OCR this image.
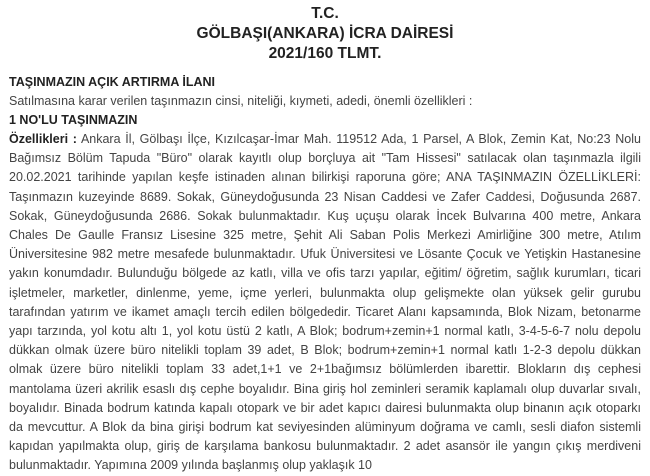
T.C.
GÖLBAŞI(ANKARA) İCRA DAİRESİ
2021/160 TLMT.
TAŞINMAZIN AÇIK ARTIRMA İLANI
Satılmasına karar verilen taşınmazın cinsi, niteliği, kıymeti, adedi, önemli özellikleri :
1 NO'LU TAŞINMAZIN
Özellikleri : Ankara İl, Gölbaşı İlçe, Kızılcaşar-İmar Mah. 119512 Ada, 1 Parsel, A Blok, Zemin Kat, No:23 Nolu Bağımsız Bölüm Tapuda "Büro" olarak kayıtlı olup borçluya ait "Tam Hissesi" satılacak olan taşınmazla ilgili 20.02.2021 tarihinde yapılan keşfe istinaden alınan bilirkişi raporuna göre; ANA TAŞINMAZIN ÖZELLİKLERİ: Taşınmazın kuzeyinde 8689. Sokak, Güneydoğusunda 23 Nisan Caddesi ve Zafer Caddesi, Doğusunda 2687. Sokak, Güneydoğusunda 2686. Sokak bulunmaktadır. Kuş uçuşu olarak İncek Bulvarına 400 metre, Ankara Chales De Gaulle Fransız Lisesine 325 metre, Şehit Ali Saban Polis Merkezi Amirliğine 300 metre, Atılım Üniversitesine 982 metre mesafede bulunmaktadır. Ufuk Üniversitesi ve Lösante Çocuk ve Yetişkin Hastanesine yakın konumdadır. Bulunduğu bölgede az katlı, villa ve ofis tarzı yapılar, eğitim/ öğretim, sağlık kurumları, ticari işletmeler, marketler, dinlenme, yeme, içme yerleri, bulunmakta olup gelişmekte olan yüksek gelir gurubu tarafından yatırım ve ikamet amaçlı tercih edilen bölgededir. Ticaret Alanı kapsamında, Blok Nizam, betonarme yapı tarzında, yol kotu altı 1, yol kotu üstü 2 katlı, A Blok; bodrum+zemin+1 normal katlı, 3-4-5-6-7 nolu depolu dükkan olmak üzere büro nitelikli toplam 39 adet, B Blok; bodrum+zemin+1 normal katlı 1-2-3 depolu dükkan olmak üzere büro nitelikli toplam 33 adet,1+1 ve 2+1bağımsız bölümlerden ibarettir. Blokların dış cephesi mantolama üzeri akrilik esaslı dış cephe boyalıdır. Bina giriş hol zeminleri seramik kaplamalı olup duvarlar sıvalı, boyalıdır. Binada bodrum katında kapalı otopark ve bir adet kapıcı dairesi bulunmakta olup binanın açık otoparkı da mevcuttur. A Blok da bina girişi bodrum kat seviyesinden alüminyum doğrama ve camlı, sesli diafon sistemli kapıdan yapılmakta olup, giriş de karşılama bankosu bulunmaktadır. 2 adet asansör ile yangın çıkış merdiveni bulunmaktadır. Yapımına 2009 yılında başlanmış olup yaklaşık 10
